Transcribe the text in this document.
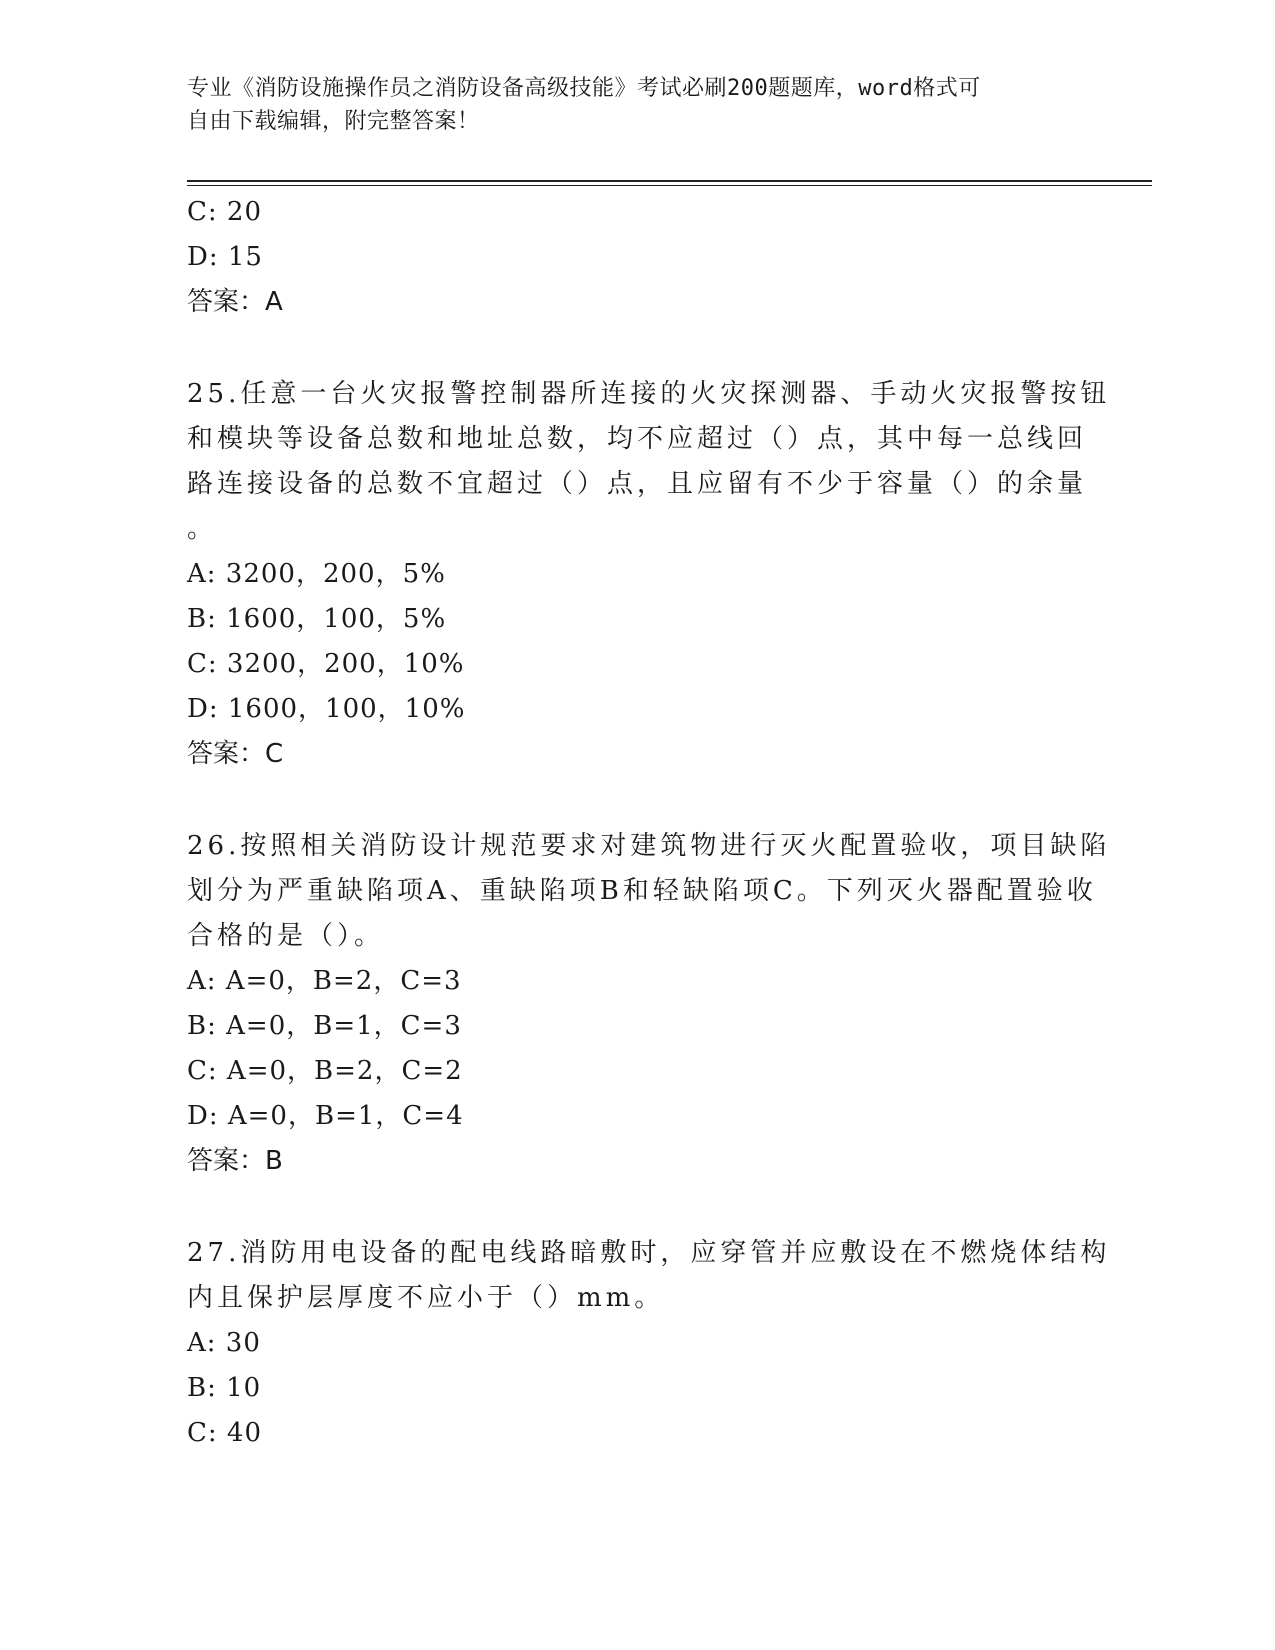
专业《消防设施操作员之消防设备高级技能》考试必刷200题题库，word格式可
自由下载编辑，附完整答案！
C: 20
D: 15
答案：A
25.任意一台火灾报警控制器所连接的火灾探测器、手动火灾报警按钮
和模块等设备总数和地址总数，均不应超过（）点，其中每一总线回
路连接设备的总数不宜超过（）点，且应留有不少于容量（）的余量
。
A: 3200，200，5%
B: 1600，100，5%
C: 3200，200，10%
D: 1600，100，10%
答案：C
26.按照相关消防设计规范要求对建筑物进行灭火配置验收，项目缺陷
划分为严重缺陷项A、重缺陷项B和轻缺陷项C。下列灭火器配置验收
合格的是（）。
A: A=0，B=2，C=3
B: A=0，B=1，C=3
C: A=0，B=2，C=2
D: A=0，B=1，C=4
答案：B
27.消防用电设备的配电线路暗敷时，应穿管并应敷设在不燃烧体结构
内且保护层厚度不应小于（）mm。
A: 30
B: 10
C: 40
